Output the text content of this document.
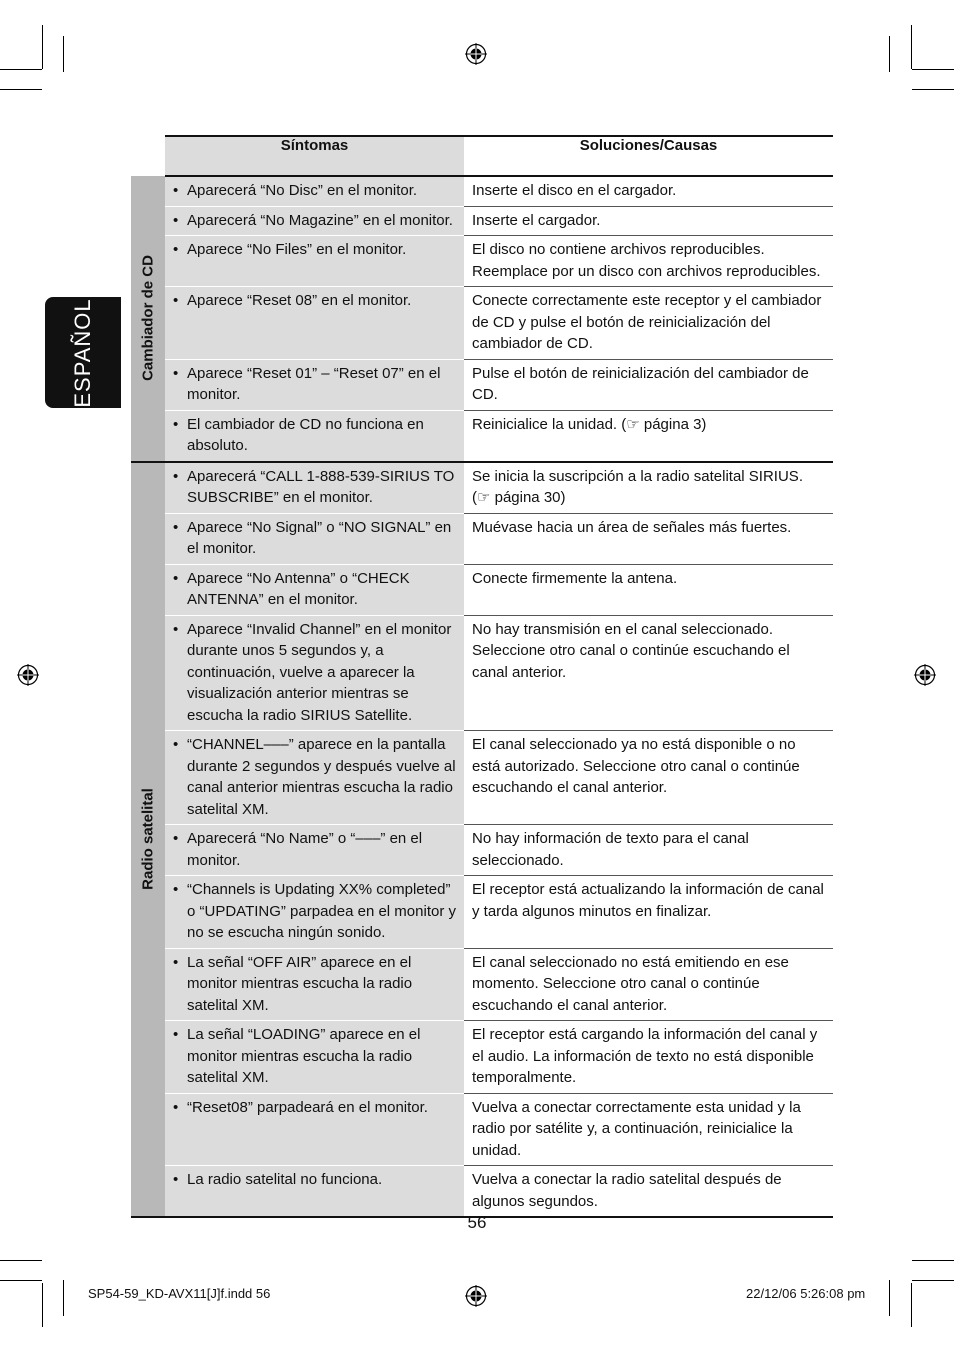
ESPAÑOL
	Síntomas	Soluciones/Causas

Cambiador de CD	• Aparecerá “No Disc” en el monitor.	Inserte el disco en el cargador.

	• Aparecerá “No Magazine” en el monitor.	Inserte el cargador.

	• Aparece “No Files” en el monitor.	El disco no contiene archivos reproducibles. Reemplace por un disco con archivos reproducibles.

	• Aparece “Reset 08” en el monitor.	Conecte correctamente este receptor y el cambiador de CD y pulse el botón de reinicialización del cambiador de CD.

	• Aparece “Reset 01” – “Reset 07” en el monitor.	Pulse el botón de reinicialización del cambiador de CD.

	• El cambiador de CD no funciona en absoluto.	Reinicialice la unidad. (☞ página 3)

Radio satelital	• Aparecerá “CALL 1-888-539-SIRIUS TO SUBSCRIBE” en el monitor.	Se inicia la suscripción a la radio satelital SIRIUS. (☞ página 30)

	• Aparece “No Signal” o “NO SIGNAL” en el monitor.	Muévase hacia un área de señales más fuertes.

	• Aparece “No Antenna” o “CHECK ANTENNA” en el monitor.	Conecte firmemente la antena.

	• Aparece “Invalid Channel” en el monitor durante unos 5 segundos y, a continuación, vuelve a aparecer la visualización anterior mientras se escucha la radio SIRIUS Satellite.	No hay transmisión en el canal seleccionado. Seleccione otro canal o continúe escuchando el canal anterior.

	• “CHANNEL–––” aparece en la pantalla durante 2 segundos y después vuelve al canal anterior mientras escucha la radio satelital XM.	El canal seleccionado ya no está disponible o no está autorizado. Seleccione otro canal o continúe escuchando el canal anterior.

	• Aparecerá “No Name” o “–––” en el monitor.	No hay información de texto para el canal seleccionado.

	• “Channels is Updating XX% completed” o “UPDATING” parpadea en el monitor y no se escucha ningún sonido.	El receptor está actualizando la información de canal y tarda algunos minutos en finalizar.

	• La señal “OFF AIR” aparece en el monitor mientras escucha la radio satelital XM.	El canal seleccionado no está emitiendo en ese momento. Seleccione otro canal o continúe escuchando el canal anterior.

	• La señal “LOADING” aparece en el monitor mientras escucha la radio satelital XM.	El receptor está cargando la información del canal y el audio. La información de texto no está disponible temporalmente.

	• “Reset08” parpadeará en el monitor.	Vuelva a conectar correctamente esta unidad y la radio por satélite y, a continuación, reinicialice la unidad.

	• La radio satelital no funciona.	Vuelva a conectar la radio satelital después de algunos segundos.
56
SP54-59_KD-AVX11[J]f.indd 56	22/12/06 5:26:08 pm
